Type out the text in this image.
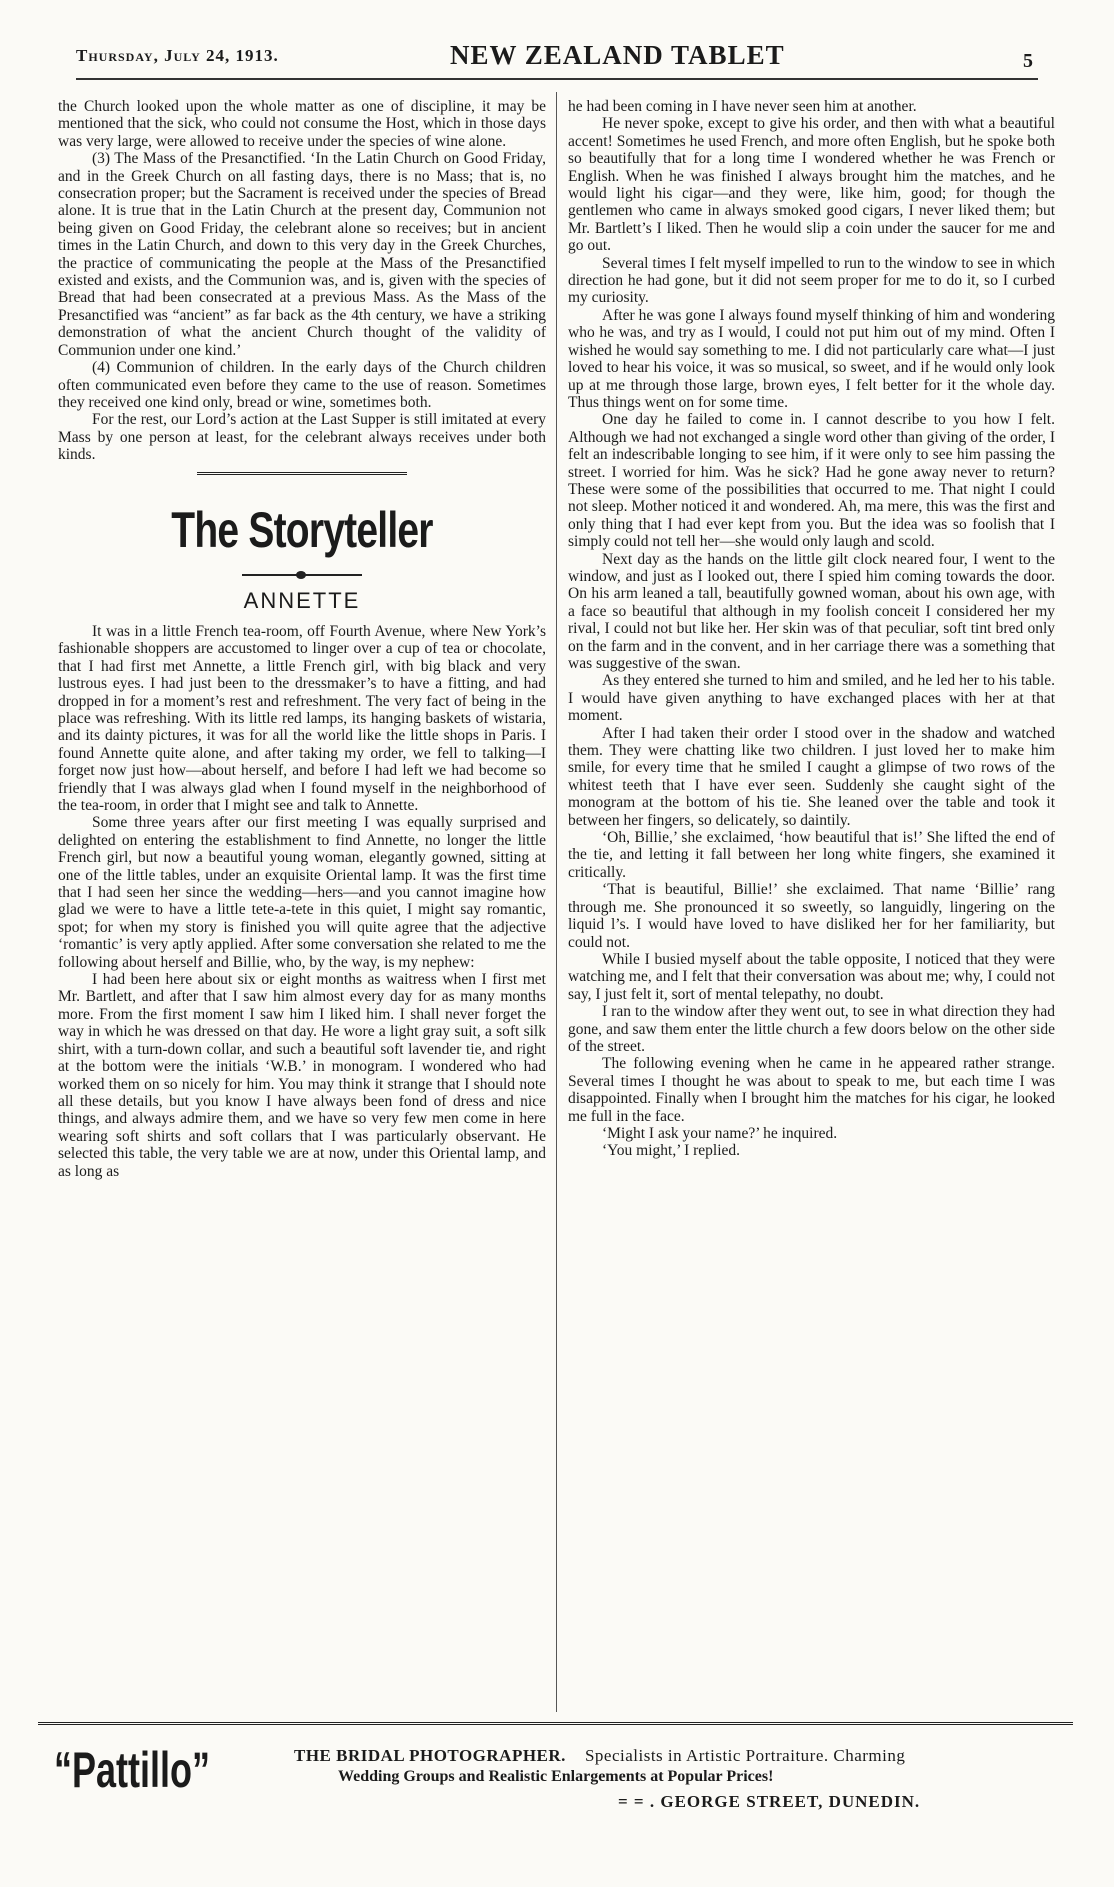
Thursday, July 24, 1913.	NEW ZEALAND TABLET	5

the Church looked upon the whole matter as one of discipline, it may be mentioned that the sick, who could not consume the Host, which in those days was very large, were allowed to receive under the species of wine alone.

(3) The Mass of the Presanctified. ‘In the Latin Church on Good Friday, and in the Greek Church on all fasting days, there is no Mass; that is, no consecration proper; but the Sacrament is received under the species of Bread alone. It is true that in the Latin Church at the present day, Communion not being given on Good Friday, the celebrant alone so receives; but in ancient times in the Latin Church, and down to this very day in the Greek Churches, the practice of communicating the people at the Mass of the Presanctified existed and exists, and the Communion was, and is, given with the species of Bread that had been consecrated at a previous Mass. As the Mass of the Presanctified was “ancient” as far back as the 4th century, we have a striking demonstration of what the ancient Church thought of the validity of Communion under one kind.’

(4) Communion of children. In the early days of the Church children often communicated even before they came to the use of reason. Sometimes they received one kind only, bread or wine, sometimes both.

For the rest, our Lord’s action at the Last Supper is still imitated at every Mass by one person at least, for the celebrant always receives under both kinds.

The Storyteller
ANNETTE

It was in a little French tea-room, off Fourth Avenue, where New York’s fashionable shoppers are accustomed to linger over a cup of tea or chocolate, that I had first met Annette, a little French girl, with big black and very lustrous eyes. I had just been to the dressmaker’s to have a fitting, and had dropped in for a moment’s rest and refreshment. The very fact of being in the place was refreshing. With its little red lamps, its hanging baskets of wistaria, and its dainty pictures, it was for all the world like the little shops in Paris. I found Annette quite alone, and after taking my order, we fell to talking—I forget now just how—about herself, and before I had left we had become so friendly that I was always glad when I found myself in the neighborhood of the tea-room, in order that I might see and talk to Annette.

Some three years after our first meeting I was equally surprised and delighted on entering the establishment to find Annette, no longer the little French girl, but now a beautiful young woman, elegantly gowned, sitting at one of the little tables, under an exquisite Oriental lamp. It was the first time that I had seen her since the wedding—hers—and you cannot imagine how glad we were to have a little tete-a-tete in this quiet, I might say romantic, spot; for when my story is finished you will quite agree that the adjective ‘romantic’ is very aptly applied. After some conversation she related to me the following about herself and Billie, who, by the way, is my nephew:

I had been here about six or eight months as waitress when I first met Mr. Bartlett, and after that I saw him almost every day for as many months more. From the first moment I saw him I liked him. I shall never forget the way in which he was dressed on that day. He wore a light gray suit, a soft silk shirt, with a turn-down collar, and such a beautiful soft lavender tie, and right at the bottom were the initials ‘W.B.’ in monogram. I wondered who had worked them on so nicely for him. You may think it strange that I should note all these details, but you know I have always been fond of dress and nice things, and always admire them, and we have so very few men come in here wearing soft shirts and soft collars that I was particularly observant. He selected this table, the very table we are at now, under this Oriental lamp, and as long as

he had been coming in I have never seen him at another.

He never spoke, except to give his order, and then with what a beautiful accent! Sometimes he used French, and more often English, but he spoke both so beautifully that for a long time I wondered whether he was French or English. When he was finished I always brought him the matches, and he would light his cigar—and they were, like him, good; for though the gentlemen who came in always smoked good cigars, I never liked them; but Mr. Bartlett’s I liked. Then he would slip a coin under the saucer for me and go out.

Several times I felt myself impelled to run to the window to see in which direction he had gone, but it did not seem proper for me to do it, so I curbed my curiosity.

After he was gone I always found myself thinking of him and wondering who he was, and try as I would, I could not put him out of my mind. Often I wished he would say something to me. I did not particularly care what—I just loved to hear his voice, it was so musical, so sweet, and if he would only look up at me through those large, brown eyes, I felt better for it the whole day. Thus things went on for some time.

One day he failed to come in. I cannot describe to you how I felt. Although we had not exchanged a single word other than giving of the order, I felt an indescribable longing to see him, if it were only to see him passing the street. I worried for him. Was he sick? Had he gone away never to return? These were some of the possibilities that occurred to me. That night I could not sleep. Mother noticed it and wondered. Ah, ma mere, this was the first and only thing that I had ever kept from you. But the idea was so foolish that I simply could not tell her—she would only laugh and scold.

Next day as the hands on the little gilt clock neared four, I went to the window, and just as I looked out, there I spied him coming towards the door. On his arm leaned a tall, beautifully gowned woman, about his own age, with a face so beautiful that although in my foolish conceit I considered her my rival, I could not but like her. Her skin was of that peculiar, soft tint bred only on the farm and in the convent, and in her carriage there was a something that was suggestive of the swan.

As they entered she turned to him and smiled, and he led her to his table. I would have given anything to have exchanged places with her at that moment.

After I had taken their order I stood over in the shadow and watched them. They were chatting like two children. I just loved her to make him smile, for every time that he smiled I caught a glimpse of two rows of the whitest teeth that I have ever seen. Suddenly she caught sight of the monogram at the bottom of his tie. She leaned over the table and took it between her fingers, so delicately, so daintily.

‘Oh, Billie,’ she exclaimed, ‘how beautiful that is!’ She lifted the end of the tie, and letting it fall between her long white fingers, she examined it critically.

‘That is beautiful, Billie!’ she exclaimed. That name ‘Billie’ rang through me. She pronounced it so sweetly, so languidly, lingering on the liquid l’s. I would have loved to have disliked her for her familiarity, but could not.

While I busied myself about the table opposite, I noticed that they were watching me, and I felt that their conversation was about me; why, I could not say, I just felt it, sort of mental telepathy, no doubt.

I ran to the window after they went out, to see in what direction they had gone, and saw them enter the little church a few doors below on the other side of the street.

The following evening when he came in he appeared rather strange. Several times I thought he was about to speak to me, but each time I was disappointed. Finally when I brought him the matches for his cigar, he looked me full in the face.

‘Might I ask your name?’ he inquired.

‘You might,’ I replied.

“Pattillo”	THE BRIDAL PHOTOGRAPHER. Specialists in Artistic Portraiture. Charming
Wedding Groups and Realistic Enlargements at Popular Prices!
= = . GEORGE STREET, DUNEDIN.
